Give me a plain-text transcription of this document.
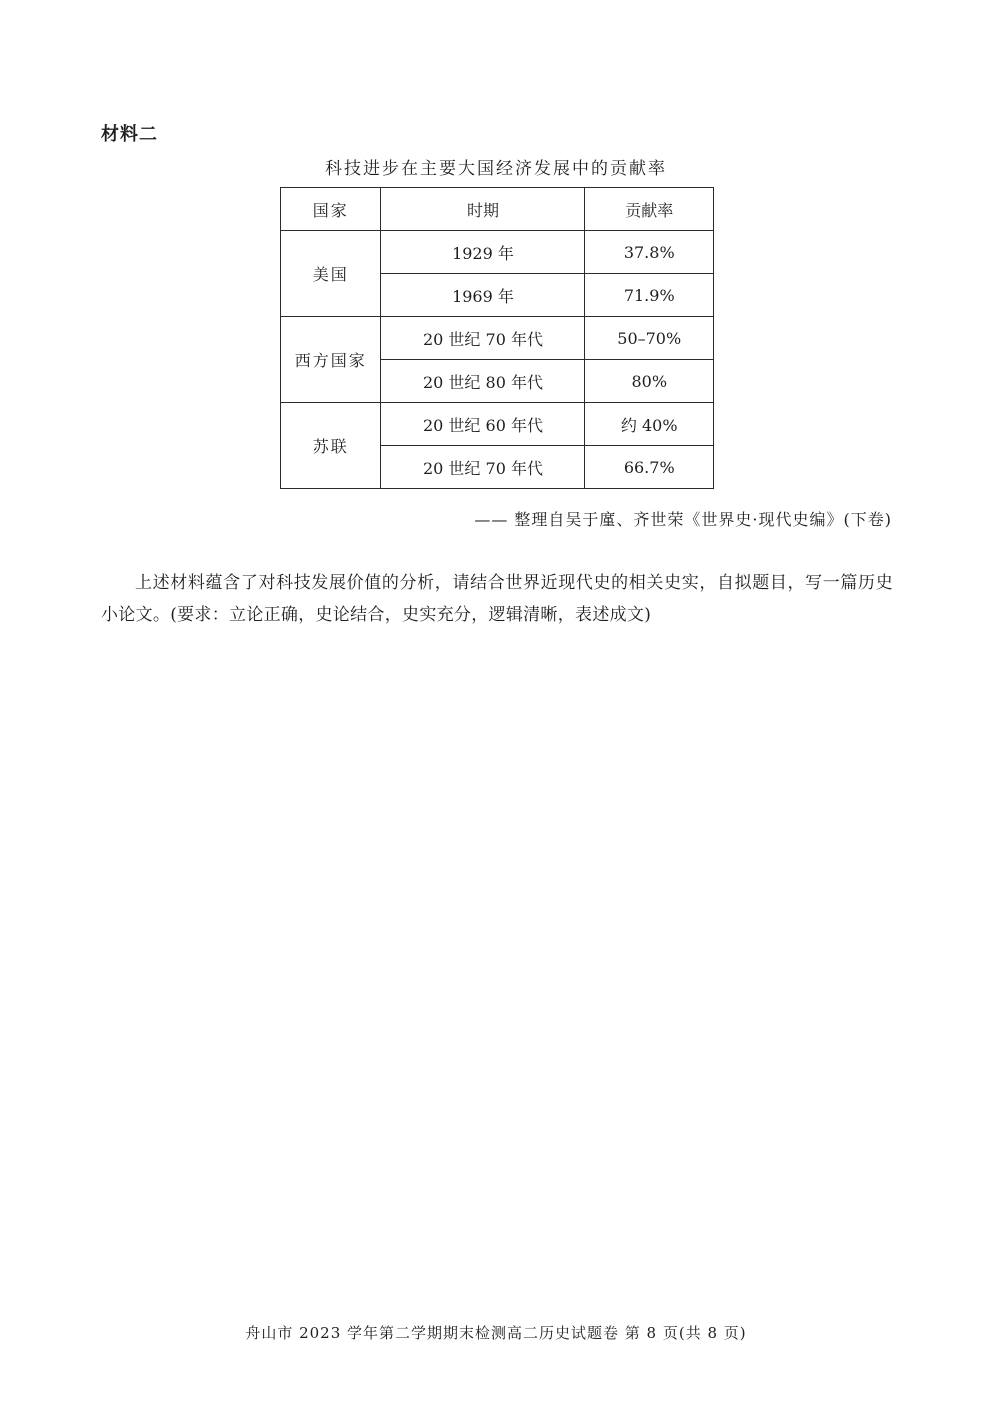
材料二
科技进步在主要大国经济发展中的贡献率
国家	时期	贡献率
美国	1929 年	37.8%
	1969 年	71.9%
西方国家	20 世纪 70 年代	50–70%
	20 世纪 80 年代	80%
苏联	20 世纪 60 年代	约 40%
	20 世纪 70 年代	66.7%
—— 整理自吴于廑、齐世荣《世界史·现代史编》(下卷)
上述材料蕴含了对科技发展价值的分析，请结合世界近现代史的相关史实，自拟题目，写一篇历史小论文。(要求：立论正确，史论结合，史实充分，逻辑清晰，表述成文)
舟山市 2023 学年第二学期期末检测高二历史试题卷 第 8 页(共 8 页)
